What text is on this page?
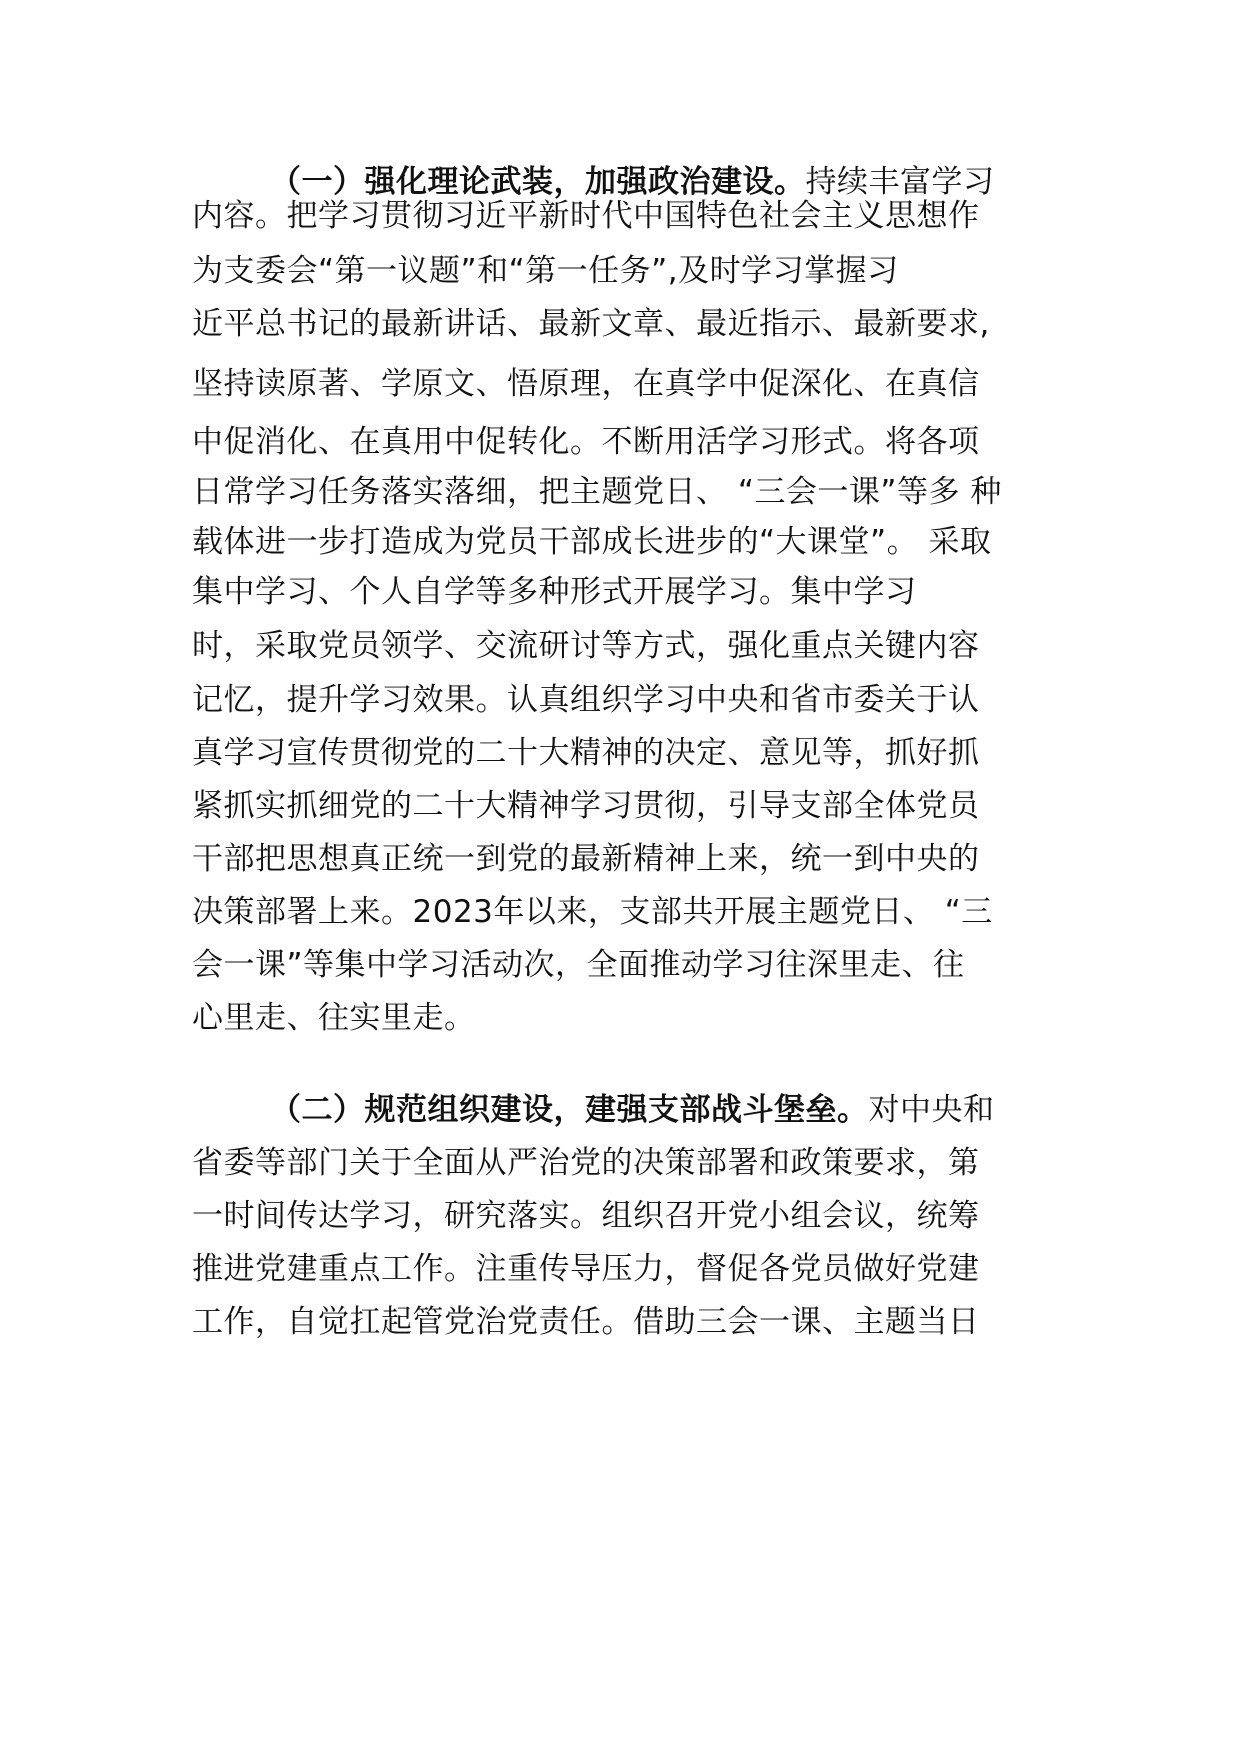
（一）强化理论武装，加强政治建设。持续丰富学习
内容。把学习贯彻习近平新时代中国特色社会主义思想作
为支委会“第一议题”和“第一任务”,及时学习掌握习
近平总书记的最新讲话、最新文章、最近指示、最新要求,
坚持读原著、学原文、悟原理，在真学中促深化、在真信
中促消化、在真用中促转化。不断用活学习形式。将各项
日常学习任务落实落细，把主题党日、 “三会一课”等多 种
载体进一步打造成为党员干部成长进步的“大课堂”。 采取
集中学习、个人自学等多种形式开展学习。集中学习
时，采取党员领学、交流研讨等方式，强化重点关键内容
记忆，提升学习效果。认真组织学习中央和省市委关于认
真学习宣传贯彻党的二十大精神的决定、意见等，抓好抓
紧抓实抓细党的二十大精神学习贯彻，引导支部全体党员
干部把思想真正统一到党的最新精神上来，统一到中央的
决策部署上来。2023年以来，支部共开展主题党日、 “三
会一课”等集中学习活动次，全面推动学习往深里走、往
心里走、往实里走。
（二）规范组织建设，建强支部战斗堡垒。对中央和
省委等部门关于全面从严治党的决策部署和政策要求，第
一时间传达学习，研究落实。组织召开党小组会议，统筹
推进党建重点工作。注重传导压力，督促各党员做好党建
工作，自觉扛起管党治党责任。借助三会一课、主题当日
